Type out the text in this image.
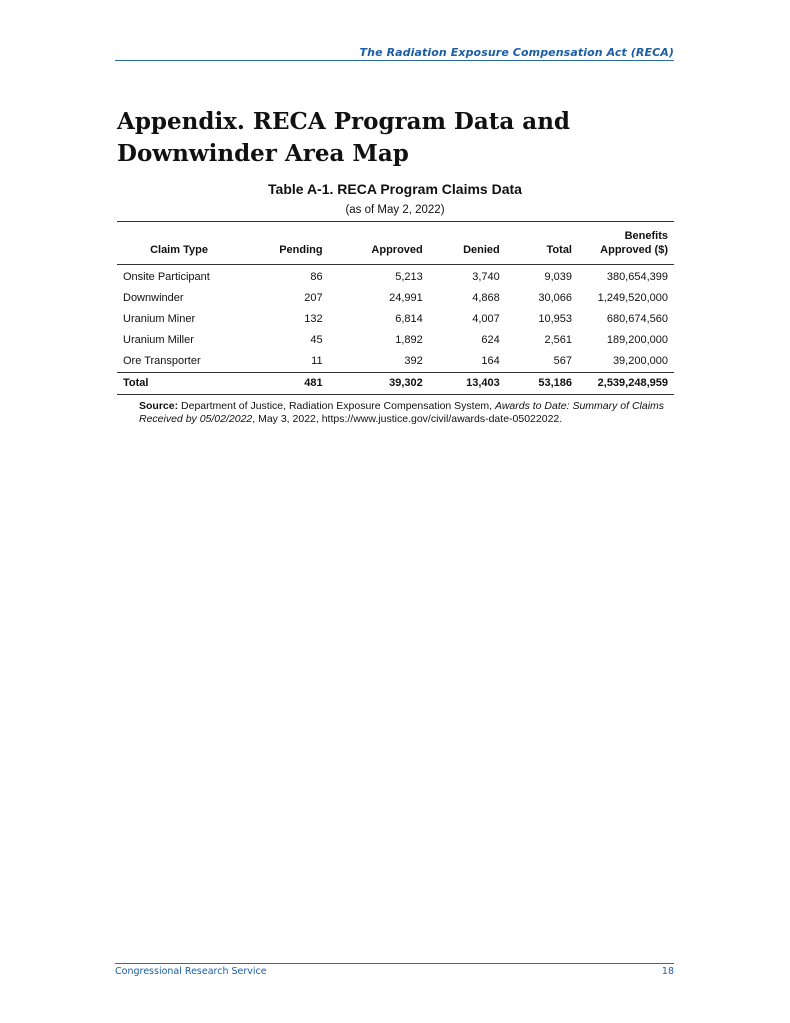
The Radiation Exposure Compensation Act (RECA)
Appendix. RECA Program Data and Downwinder Area Map
Table A-1. RECA Program Claims Data
(as of May 2, 2022)
Claim Type	Pending	Approved	Denied	Total	Benefits Approved ($)
Onsite Participant	86	5,213	3,740	9,039	380,654,399
Downwinder	207	24,991	4,868	30,066	1,249,520,000
Uranium Miner	132	6,814	4,007	10,953	680,674,560
Uranium Miller	45	1,892	624	2,561	189,200,000
Ore Transporter	11	392	164	567	39,200,000
Total	481	39,302	13,403	53,186	2,539,248,959
Source: Department of Justice, Radiation Exposure Compensation System, Awards to Date: Summary of Claims Received by 05/02/2022, May 3, 2022, https://www.justice.gov/civil/awards-date-05022022.
Congressional Research Service	18
